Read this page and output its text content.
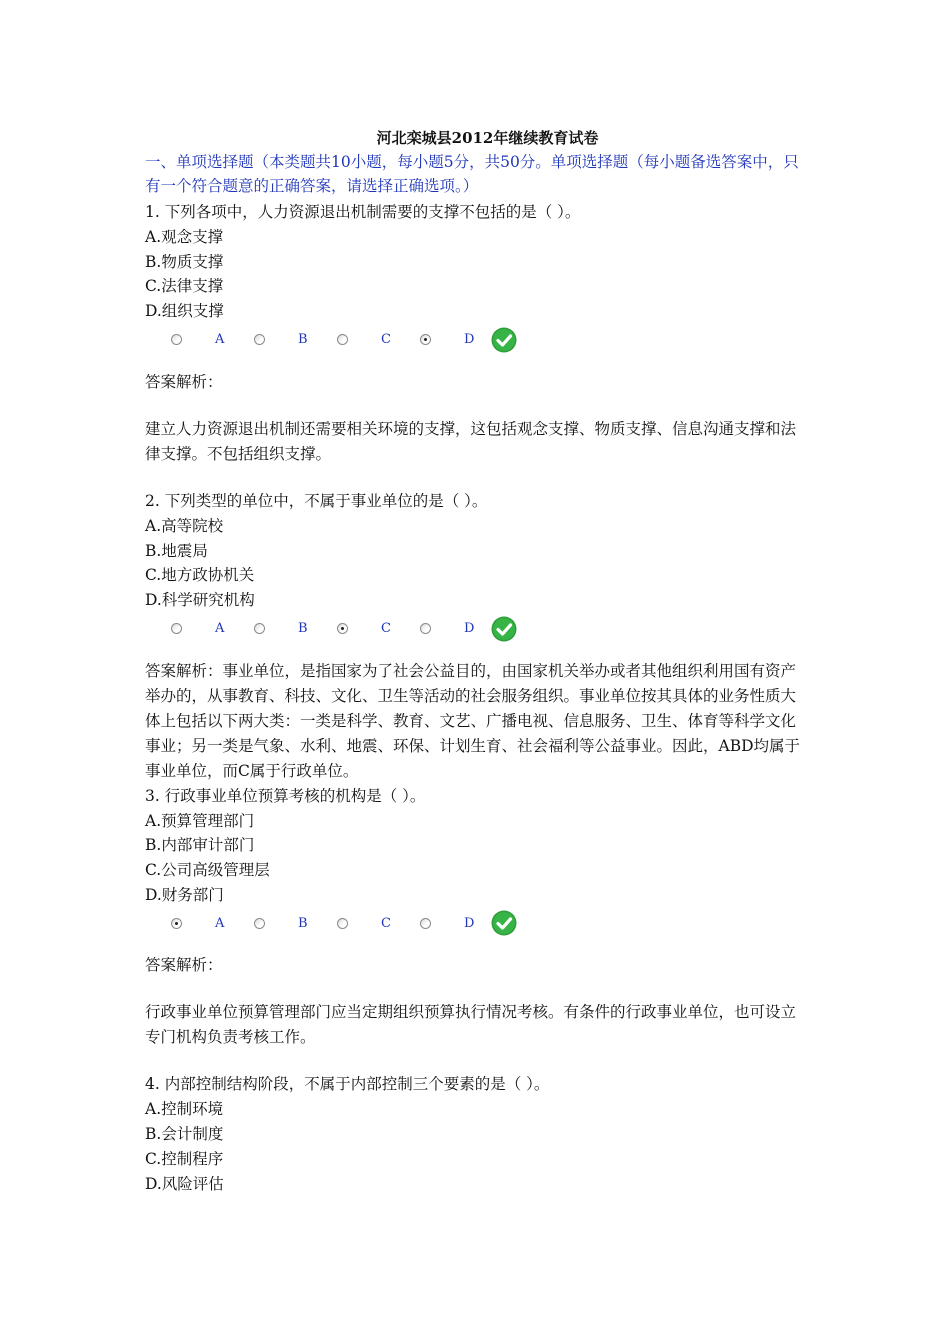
河北栾城县2012年继续教育试卷
一、单项选择题（本类题共10小题，每小题5分，共50分。单项选择题（每小题备选答案中，只有一个符合题意的正确答案，请选择正确选项。）
1. 下列各项中，人力资源退出机制需要的支撑不包括的是（ ）。
A.观念支撑
B.物质支撑
C.法律支撑
D.组织支撑
A	B	C	D
答案解析：
建立人力资源退出机制还需要相关环境的支撑，这包括观念支撑、物质支撑、信息沟通支撑和法律支撑。不包括组织支撑。
2. 下列类型的单位中，不属于事业单位的是（ ）。
A.高等院校
B.地震局
C.地方政协机关
D.科学研究机构
A	B	C	D
答案解析：事业单位，是指国家为了社会公益目的，由国家机关举办或者其他组织利用国有资产举办的，从事教育、科技、文化、卫生等活动的社会服务组织。事业单位按其具体的业务性质大体上包括以下两大类：一类是科学、教育、文艺、广播电视、信息服务、卫生、体育等科学文化事业；另一类是气象、水利、地震、环保、计划生育、社会福利等公益事业。因此，ABD均属于事业单位，而C属于行政单位。
3. 行政事业单位预算考核的机构是（ ）。
A.预算管理部门
B.内部审计部门
C.公司高级管理层
D.财务部门
A	B	C	D
答案解析：
行政事业单位预算管理部门应当定期组织预算执行情况考核。有条件的行政事业单位，也可设立专门机构负责考核工作。
4. 内部控制结构阶段，不属于内部控制三个要素的是（ ）。
A.控制环境
B.会计制度
C.控制程序
D.风险评估
